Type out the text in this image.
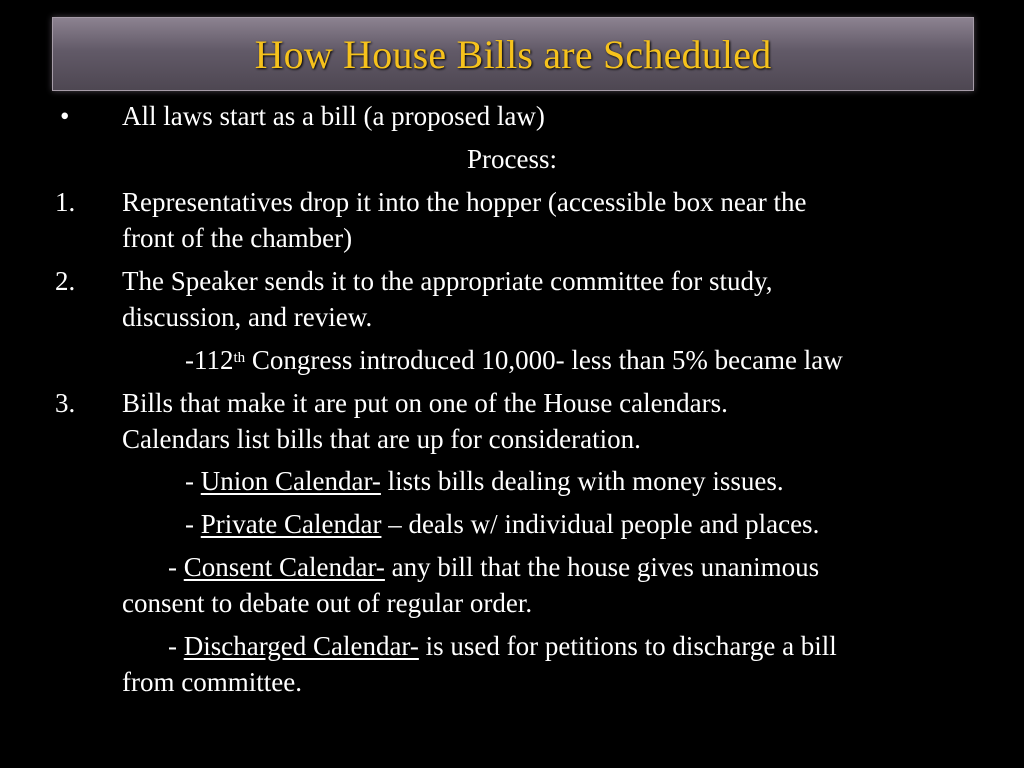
How House Bills are Scheduled
• All laws start as a bill (a proposed law)
Process:
1. Representatives drop it into the hopper (accessible box near the
front of the chamber)
2. The Speaker sends it to the appropriate committee for study,
discussion, and review.
-112th Congress introduced 10,000- less than 5% became law
3. Bills that make it are put on one of the House calendars.
Calendars list bills that are up for consideration.
- Union Calendar- lists bills dealing with money issues.
- Private Calendar – deals w/ individual people and places.
- Consent Calendar- any bill that the house gives unanimous
consent to debate out of regular order.
- Discharged Calendar- is used for petitions to discharge a bill
from committee.
